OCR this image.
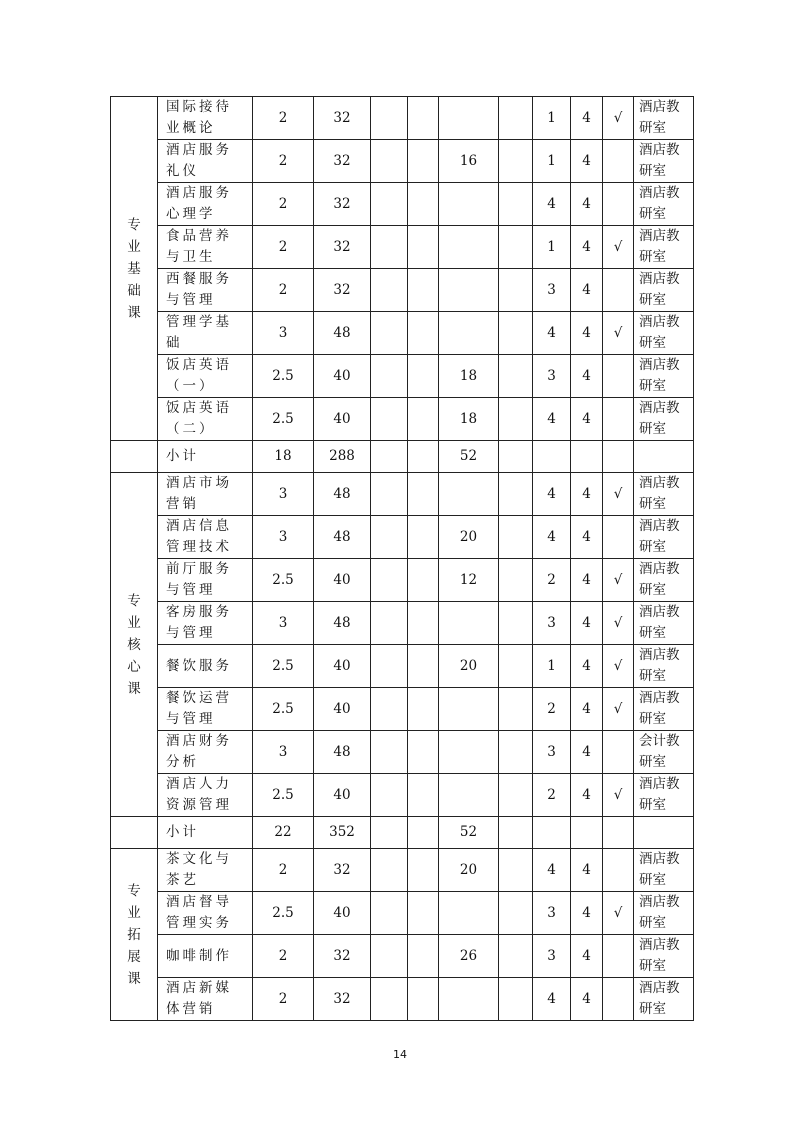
专
业
基
础
课	国际接待业概论	2	32					1	4	√	酒店教研室
	酒店服务礼仪	2	32			16		1	4		酒店教研室
	酒店服务心理学	2	32					4	4		酒店教研室
	食品营养与卫生	2	32					1	4	√	酒店教研室
	西餐服务与管理	2	32					3	4		酒店教研室
	管理学基础	3	48					4	4	√	酒店教研室
	饭店英语（一）	2.5	40			18		3	4		酒店教研室
	饭店英语（二）	2.5	40			18		4	4		酒店教研室
	小计	18	288			52					

专
业
核
心
课	酒店市场营销	3	48					4	4	√	酒店教研室
	酒店信息管理技术	3	48			20		4	4		酒店教研室
	前厅服务与管理	2.5	40			12		2	4	√	酒店教研室
	客房服务与管理	3	48					3	4	√	酒店教研室
	餐饮服务	2.5	40			20		1	4	√	酒店教研室
	餐饮运营与管理	2.5	40					2	4	√	酒店教研室
	酒店财务分析	3	48					3	4		会计教研室
	酒店人力资源管理	2.5	40					2	4	√	酒店教研室
	小计	22	352			52					

专
业
拓
展
课	茶文化与茶艺	2	32			20		4	4		酒店教研室
	酒店督导管理实务	2.5	40					3	4	√	酒店教研室
	咖啡制作	2	32			26		3	4		酒店教研室
	酒店新媒体营销	2	32					4	4		酒店教研室
14
